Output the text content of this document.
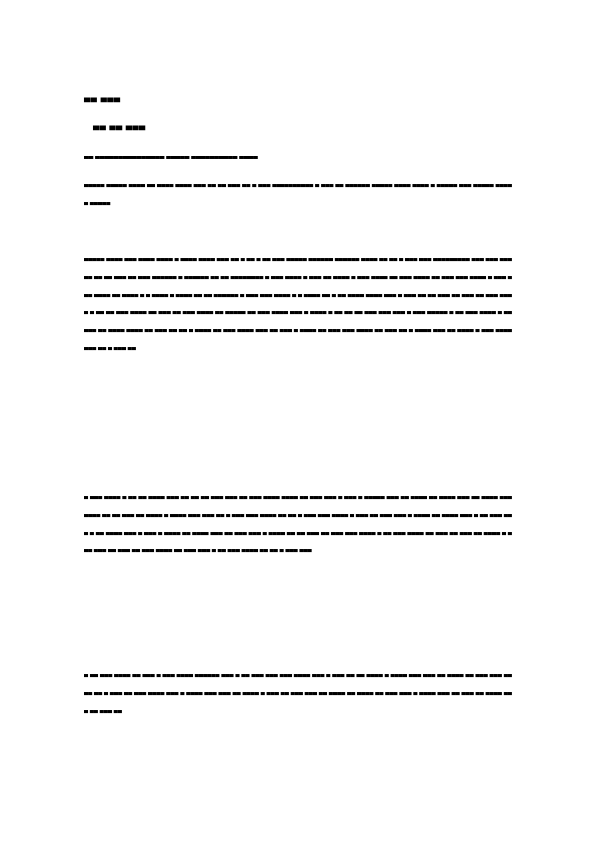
▀▀ ▀▀▀
▀▀ ▀▀ ▀▀▀
▀▀ ▀▀▀▀▀▀▀▀▀▀▀▀▀▀▀ ▀▀▀▀▀ ▀▀▀▀▀▀▀▀▀▀ ▀▀▀▀
▀▀▀▀▀ ▀▀▀▀▀ ▀▀▀▀ ▀▀ ▀▀▀▀ ▀▀▀▀ ▀▀▀ ▀▀ ▀▀ ▀▀▀ ▀▀ ▀ ▀▀▀ ▀▀▀▀▀▀▀▀▀▀ ▀ ▀▀▀ ▀▀ ▀▀▀▀▀▀ ▀▀▀▀▀ ▀▀▀▀ ▀▀▀▀ ▀ ▀▀▀▀▀ ▀▀▀ ▀▀▀▀▀ ▀▀▀▀▀ ▀▀▀▀▀
▀▀▀▀▀ ▀▀▀▀ ▀▀▀ ▀▀▀▀ ▀▀▀▀ ▀ ▀▀▀▀ ▀▀▀▀ ▀▀▀ ▀▀ ▀ ▀▀ ▀ ▀▀ ▀▀▀ ▀▀▀▀▀ ▀▀▀▀▀▀ ▀▀▀▀▀▀ ▀▀▀▀ ▀▀ ▀▀ ▀ ▀▀▀ ▀▀▀ ▀▀▀▀▀▀▀▀▀ ▀▀▀ ▀▀▀ ▀▀▀▀▀ ▀▀ ▀▀ ▀▀▀ ▀▀ ▀▀▀ ▀▀▀▀▀▀ ▀ ▀▀▀▀▀▀ ▀▀ ▀▀ ▀▀▀▀▀▀▀▀ ▀ ▀▀▀ ▀▀▀▀ ▀ ▀▀▀ ▀▀ ▀▀▀▀ ▀ ▀▀▀ ▀▀▀▀ ▀▀ ▀▀▀ ▀▀▀▀ ▀▀ ▀▀▀ ▀▀▀ ▀▀▀▀ ▀ ▀▀▀ ▀▀▀ ▀▀▀▀ ▀▀ ▀▀▀▀ ▀ ▀ ▀▀▀▀ ▀ ▀▀▀▀ ▀▀ ▀▀ ▀▀▀▀▀▀ ▀ ▀▀▀ ▀▀▀ ▀▀▀▀ ▀ ▀ ▀▀▀▀ ▀▀ ▀ ▀▀ ▀▀▀▀ ▀▀▀▀ ▀▀▀ ▀ ▀▀▀ ▀▀ ▀▀ ▀▀▀ ▀▀ ▀▀▀ ▀▀ ▀▀▀ ▀▀▀▀ ▀ ▀▀ ▀▀ ▀▀▀ ▀▀▀▀ ▀▀ ▀▀▀ ▀▀ ▀▀▀ ▀▀▀▀ ▀▀ ▀▀▀▀▀ ▀▀ ▀▀▀ ▀▀▀▀ ▀▀▀ ▀ ▀▀▀▀ ▀ ▀▀ ▀▀ ▀▀ ▀▀▀ ▀▀▀ ▀▀▀ ▀ ▀▀▀ ▀▀▀▀▀ ▀ ▀▀ ▀▀▀ ▀▀▀▀ ▀ ▀▀ ▀▀▀ ▀▀ ▀▀▀▀ ▀▀▀▀ ▀▀ ▀▀▀ ▀▀ ▀▀ ▀ ▀▀▀▀ ▀▀ ▀▀▀ ▀▀▀▀ ▀▀▀ ▀▀ ▀▀▀ ▀ ▀▀▀▀ ▀▀ ▀▀▀ ▀▀▀ ▀▀▀▀ ▀▀ ▀▀▀ ▀▀ ▀ ▀▀▀▀ ▀▀▀ ▀▀ ▀▀▀▀ ▀ ▀▀▀ ▀▀▀▀ ▀▀▀ ▀▀ ▀ ▀▀▀ ▀▀
▀ ▀▀▀ ▀▀▀▀ ▀ ▀▀ ▀▀ ▀▀▀▀ ▀▀▀ ▀▀ ▀▀ ▀▀ ▀▀▀ ▀▀▀ ▀▀ ▀▀▀ ▀▀▀▀ ▀▀▀▀ ▀▀ ▀▀▀ ▀▀▀ ▀ ▀▀▀ ▀ ▀▀▀▀▀ ▀▀▀ ▀▀ ▀▀▀▀ ▀▀ ▀▀▀▀ ▀▀▀ ▀▀ ▀▀▀▀ ▀▀▀ ▀▀▀▀ ▀▀ ▀▀ ▀▀▀ ▀▀ ▀▀▀▀ ▀ ▀▀▀▀ ▀▀▀ ▀▀▀ ▀▀ ▀ ▀▀▀ ▀▀▀ ▀▀▀▀ ▀▀ ▀▀ ▀ ▀▀▀ ▀▀▀ ▀▀▀▀ ▀ ▀▀▀ ▀▀ ▀▀▀ ▀▀▀ ▀ ▀▀▀▀ ▀▀ ▀▀▀▀ ▀▀▀ ▀ ▀▀ ▀▀▀ ▀▀▀ ▀ ▀▀ ▀▀▀▀ ▀▀▀ ▀ ▀▀▀ ▀ ▀▀▀▀ ▀▀ ▀▀▀▀ ▀▀▀ ▀▀ ▀▀▀ ▀▀▀ ▀ ▀▀▀▀ ▀▀ ▀▀ ▀▀▀ ▀▀ ▀▀▀ ▀▀▀ ▀▀▀▀ ▀ ▀▀ ▀▀▀ ▀▀▀▀ ▀▀ ▀▀▀ ▀▀ ▀▀▀ ▀▀ ▀▀▀▀ ▀ ▀▀▀ ▀▀▀ ▀▀ ▀▀▀ ▀▀ ▀▀▀ ▀▀▀▀ ▀▀ ▀▀▀ ▀▀▀ ▀ ▀▀ ▀▀▀ ▀▀▀▀ ▀▀ ▀▀ ▀ ▀▀▀ ▀▀▀
▀ ▀▀ ▀▀▀ ▀▀▀▀ ▀▀ ▀▀▀ ▀ ▀▀▀ ▀▀▀▀ ▀▀▀▀▀▀ ▀▀▀ ▀ ▀▀ ▀▀▀ ▀▀▀ ▀▀▀ ▀▀▀▀ ▀▀▀ ▀ ▀▀▀ ▀▀ ▀▀ ▀▀▀▀ ▀ ▀▀▀▀ ▀▀▀ ▀▀▀ ▀▀ ▀▀▀▀ ▀▀ ▀▀▀ ▀▀▀ ▀▀▀▀ ▀▀ ▀ ▀▀▀ ▀▀ ▀▀▀ ▀▀▀▀ ▀▀▀ ▀ ▀▀▀▀ ▀▀▀ ▀▀▀ ▀▀ ▀▀▀▀ ▀ ▀▀▀ ▀▀ ▀▀▀ ▀▀▀ ▀▀ ▀▀▀▀ ▀▀ ▀▀▀▀ ▀▀ ▀▀▀ ▀▀▀ ▀ ▀▀▀▀ ▀▀▀ ▀▀ ▀▀▀ ▀▀ ▀▀▀▀ ▀▀▀ ▀▀ ▀▀▀ ▀▀
